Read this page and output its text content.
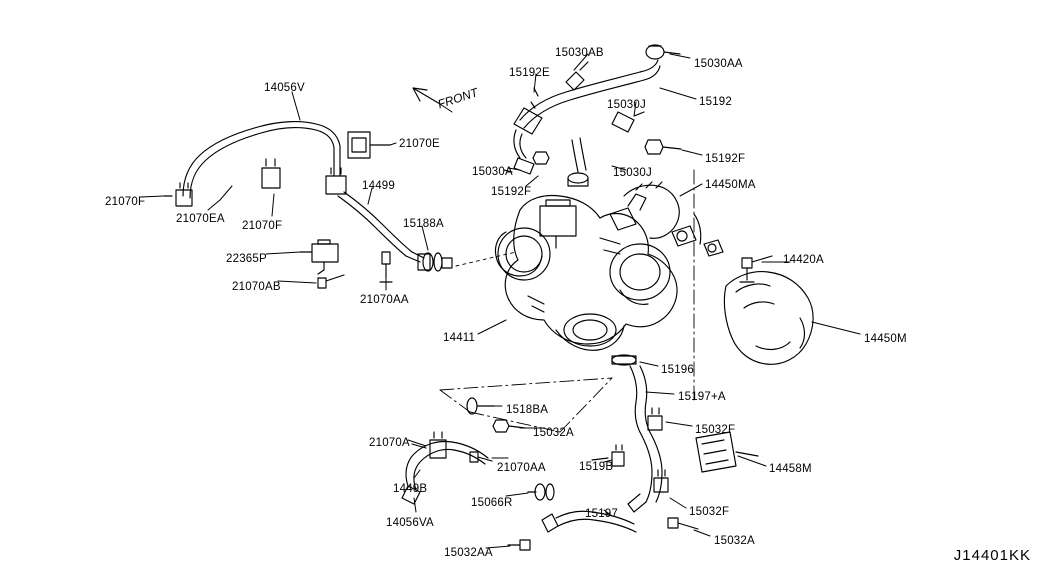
14056V
21070E
21070F
21070EA
21070F
14499
15188A
22365P
21070AB
21070AA
15030AB
15192E
15030AA
15030J	15192
15192F
15030A	15030J
15192F
14450MA
14420A
14450M
14411
15196
15197+A
1518BA
15032A	15032F
21070A
21070AA	1519B	14458M
1449B
15066R
15197	15032F
14056VA
15032AA
15032A
FRONT
J14401KK
